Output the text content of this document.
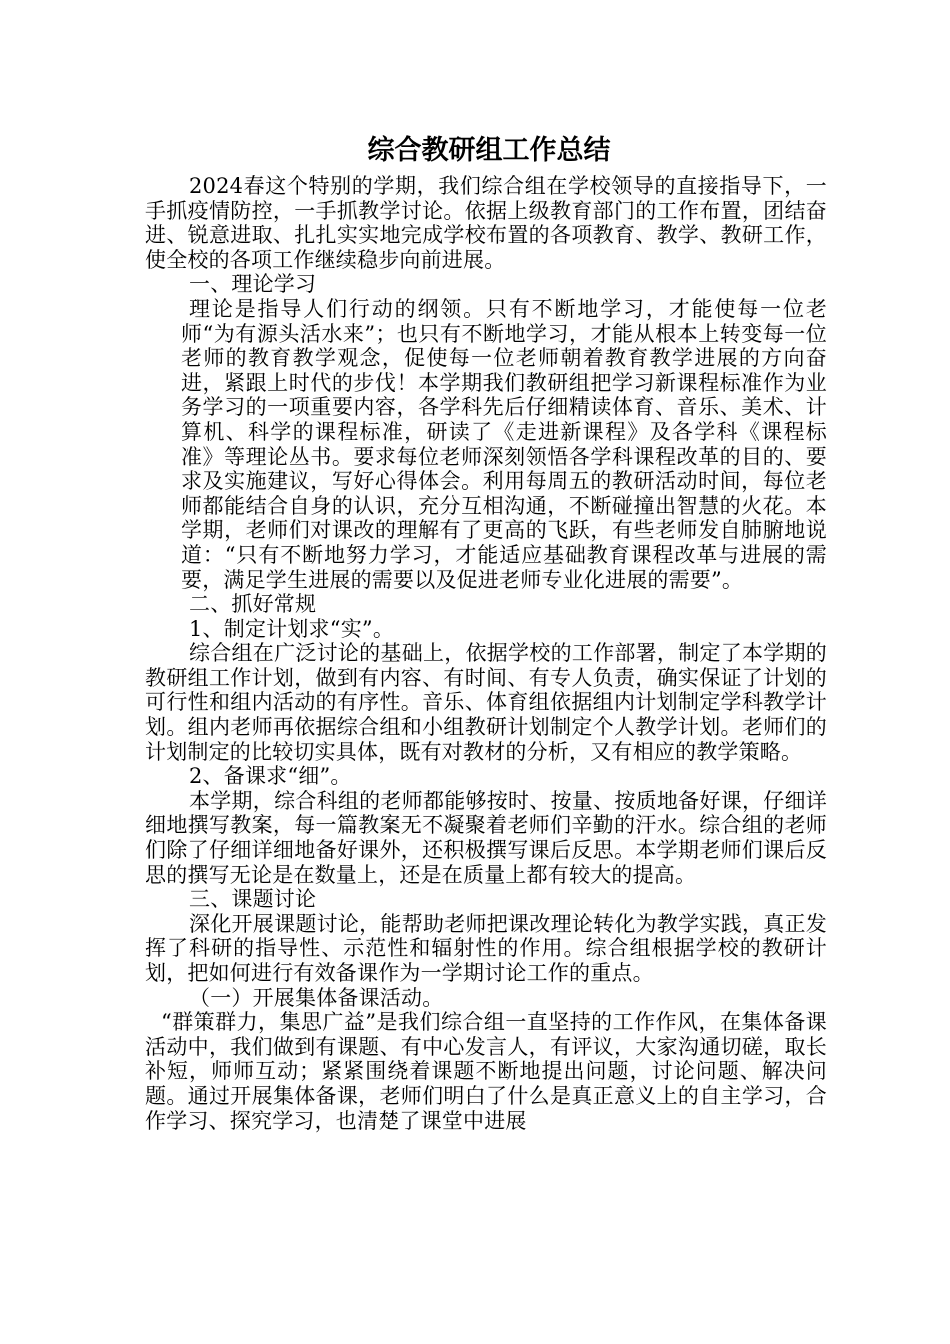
综合教研组工作总结

2024春这个特别的学期，我们综合组在学校领导的直接指导下，一手抓疫情防控，一手抓教学讨论。依据上级教育部门的工作布置，团结奋进、锐意进取、扎扎实实地完成学校布置的各项教育、教学、教研工作，使全校的各项工作继续稳步向前进展。

一、理论学习

理论是指导人们行动的纲领。只有不断地学习，才能使每一位老师“为有源头活水来”；也只有不断地学习，才能从根本上转变每一位老师的教育教学观念，促使每一位老师朝着教育教学进展的方向奋进，紧跟上时代的步伐！本学期我们教研组把学习新课程标准作为业务学习的一项重要内容，各学科先后仔细精读体育、音乐、美术、计算机、科学的课程标准，研读了《走进新课程》及各学科《课程标准》等理论丛书。要求每位老师深刻领悟各学科课程改革的目的、要求及实施建议，写好心得体会。利用每周五的教研活动时间，每位老师都能结合自身的认识，充分互相沟通，不断碰撞出智慧的火花。本学期，老师们对课改的理解有了更高的飞跃，有些老师发自肺腑地说道：“只有不断地努力学习，才能适应基础教育课程改革与进展的需要，满足学生进展的需要以及促进老师专业化进展的需要”。

二、抓好常规

1、制定计划求“实”。

综合组在广泛讨论的基础上，依据学校的工作部署，制定了本学期的教研组工作计划，做到有内容、有时间、有专人负责，确实保证了计划的可行性和组内活动的有序性。音乐、体育组依据组内计划制定学科教学计划。组内老师再依据综合组和小组教研计划制定个人教学计划。老师们的计划制定的比较切实具体，既有对教材的分析，又有相应的教学策略。

2、备课求“细”。

本学期，综合科组的老师都能够按时、按量、按质地备好课，仔细详细地撰写教案，每一篇教案无不凝聚着老师们辛勤的汗水。综合组的老师们除了仔细详细地备好课外，还积极撰写课后反思。本学期老师们课后反思的撰写无论是在数量上，还是在质量上都有较大的提高。

三、课题讨论

深化开展课题讨论，能帮助老师把课改理论转化为教学实践，真正发挥了科研的指导性、示范性和辐射性的作用。综合组根据学校的教研计划，把如何进行有效备课作为一学期讨论工作的重点。

（一）开展集体备课活动。

“群策群力，集思广益”是我们综合组一直坚持的工作作风，在集体备课活动中，我们做到有课题、有中心发言人，有评议，大家沟通切磋，取长补短，师师互动；紧紧围绕着课题不断地提出问题，讨论问题、解决问题。通过开展集体备课，老师们明白了什么是真正意义上的自主学习，合作学习、探究学习，也清楚了课堂中进展
